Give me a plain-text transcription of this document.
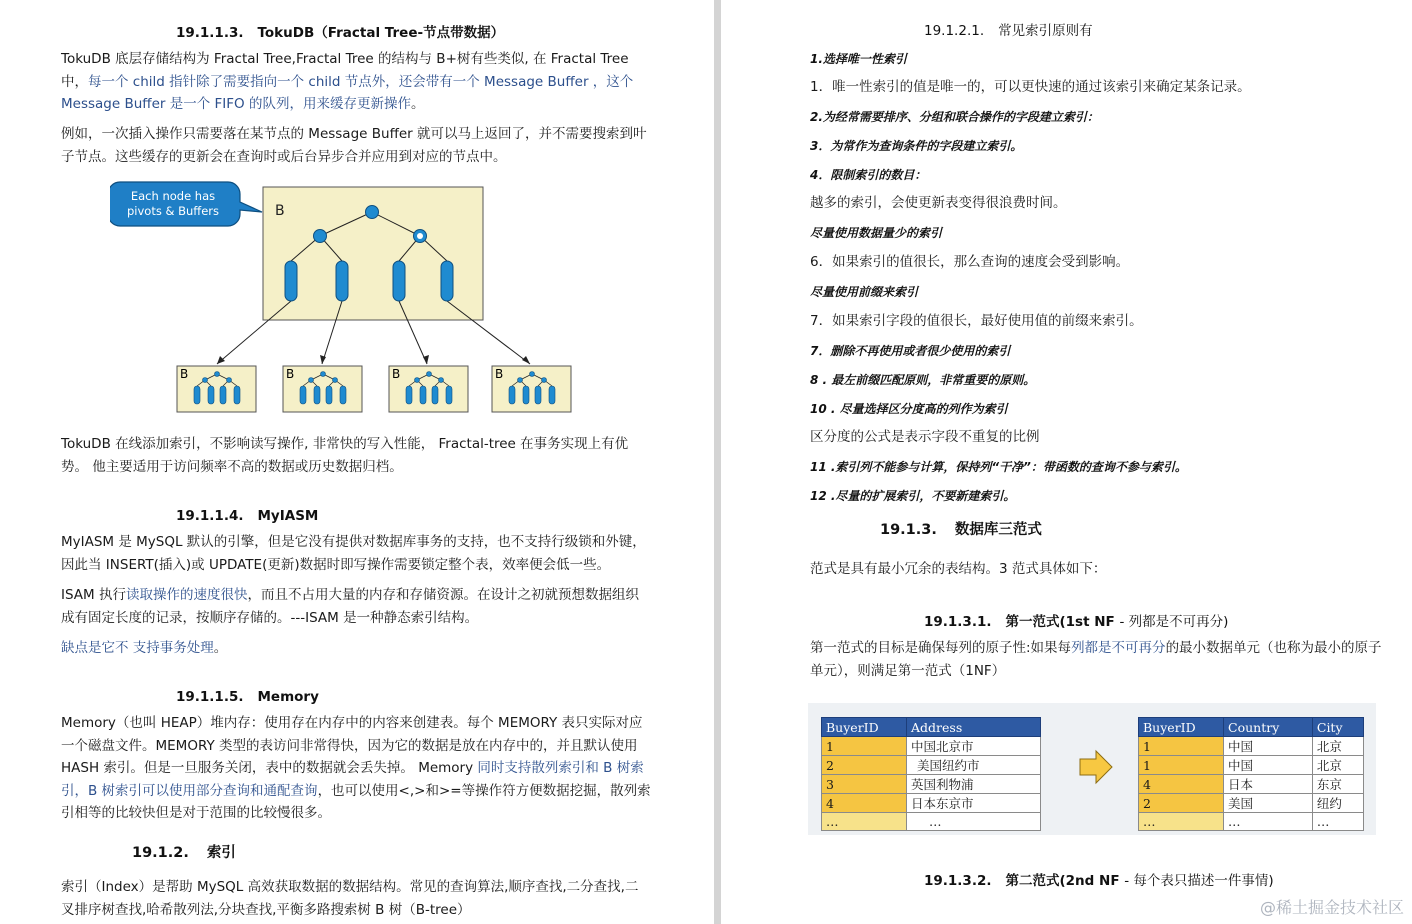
19.1.1.3. TokuDB（Fractal Tree-节点带数据）
TokuDB 底层存储结构为 Fractal Tree,Fractal Tree 的结构与 B+树有些类似, 在 Fractal Tree
中，每一个 child 指针除了需要指向一个 child 节点外，还会带有一个 Message Buffer ，这个
Message Buffer 是一个 FIFO 的队列，用来缓存更新操作。
例如，一次插入操作只需要落在某节点的 Message Buffer 就可以马上返回了，并不需要搜索到叶
子节点。这些缓存的更新会在查询时或后台异步合并应用到对应的节点中。
B
Each node has
pivots & Buffers
B	B	B	B
TokuDB 在线添加索引，不影响读写操作, 非常快的写入性能， Fractal-tree 在事务实现上有优
势。 他主要适用于访问频率不高的数据或历史数据归档。
19.1.1.4. MyIASM
MyIASM 是 MySQL 默认的引擎，但是它没有提供对数据库事务的支持，也不支持行级锁和外键，
因此当 INSERT(插入)或 UPDATE(更新)数据时即写操作需要锁定整个表，效率便会低一些。
ISAM 执行读取操作的速度很快，而且不占用大量的内存和存储资源。在设计之初就预想数据组织
成有固定长度的记录，按顺序存储的。---ISAM 是一种静态索引结构。
缺点是它不 支持事务处理。
19.1.1.5. Memory
Memory（也叫 HEAP）堆内存：使用存在内存中的内容来创建表。每个 MEMORY 表只实际对应
一个磁盘文件。MEMORY 类型的表访问非常得快，因为它的数据是放在内存中的，并且默认使用
HASH 索引。但是一旦服务关闭，表中的数据就会丢失掉。 Memory 同时支持散列索引和 B 树索
引，B 树索引可以使用部分查询和通配查询，也可以使用<,>和>=等操作符方便数据挖掘，散列索
引相等的比较快但是对于范围的比较慢很多。
19.1.2. 索引
索引（Index）是帮助 MySQL 高效获取数据的数据结构。常见的查询算法,顺序查找,二分查找,二
叉排序树查找,哈希散列法,分块查找,平衡多路搜索树 B 树（B-tree）
19.1.2.1. 常见索引原则有
1.选择唯一性索引
1．唯一性索引的值是唯一的，可以更快速的通过该索引来确定某条记录。
2.为经常需要排序、分组和联合操作的字段建立索引：
3．为常作为查询条件的字段建立索引。
4．限制索引的数目：
越多的索引，会使更新表变得很浪费时间。
尽量使用数据量少的索引
6．如果索引的值很长，那么查询的速度会受到影响。
尽量使用前缀来索引
7．如果索引字段的值很长，最好使用值的前缀来索引。
7．删除不再使用或者很少使用的索引
8 . 最左前缀匹配原则，非常重要的原则。
10 . 尽量选择区分度高的列作为索引
区分度的公式是表示字段不重复的比例
11 .索引列不能参与计算，保持列“干净”：带函数的查询不参与索引。
12 .尽量的扩展索引，不要新建索引。
19.1.3. 数据库三范式
范式是具有最小冗余的表结构。3 范式具体如下：
19.1.3.1. 第一范式(1st NF - 列都是不可再分)
第一范式的目标是确保每列的原子性:如果每列都是不可再分的最小数据单元（也称为最小的原子
单元），则满足第一范式（1NF）
BuyerID	Address
1	中国北京市
2	美国纽约市
3	英国利物浦
4	日本东京市
…	…
BuyerID	Country	City
1	中国	北京
1	中国	北京
4	日本	东京
2	美国	纽约
…	…	…
19.1.3.2. 第二范式(2nd NF - 每个表只描述一件事情)
@稀土掘金技术社区
